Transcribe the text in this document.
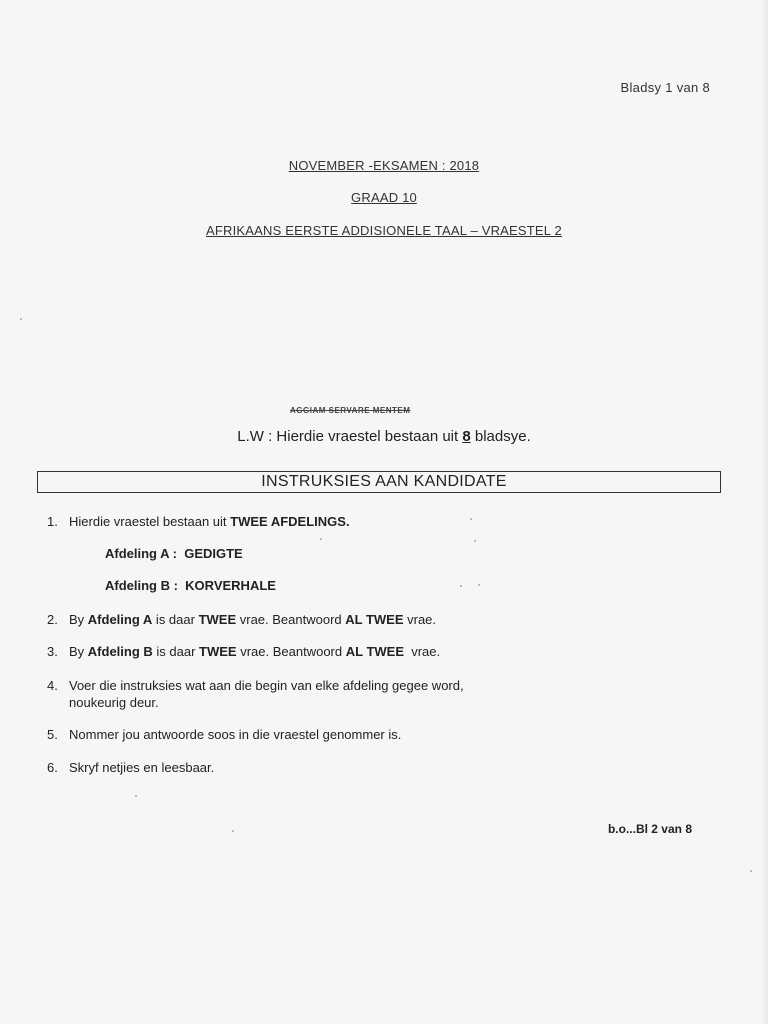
Bladsy 1 van 8
NOVEMBER -EKSAMEN : 2018
GRAAD 10
AFRIKAANS EERSTE ADDISIONELE TAAL – VRAESTEL 2
AGGIAM SERVARE MENTEM
L.W : Hierdie vraestel bestaan uit 8 bladsye.
INSTRUKSIES AAN KANDIDATE
1. Hierdie vraestel bestaan uit TWEE AFDELINGS.
Afdeling A : GEDIGTE
Afdeling B : KORVERHALE
2. By Afdeling A is daar TWEE vrae. Beantwoord AL TWEE vrae.
3. By Afdeling B is daar TWEE vrae. Beantwoord AL TWEE  vrae.
4. Voer die instruksies wat aan die begin van elke afdeling gegee word,
noukeurig deur.
5. Nommer jou antwoorde soos in die vraestel genommer is.
6. Skryf netjies en leesbaar.
b.o...Bl 2 van 8
